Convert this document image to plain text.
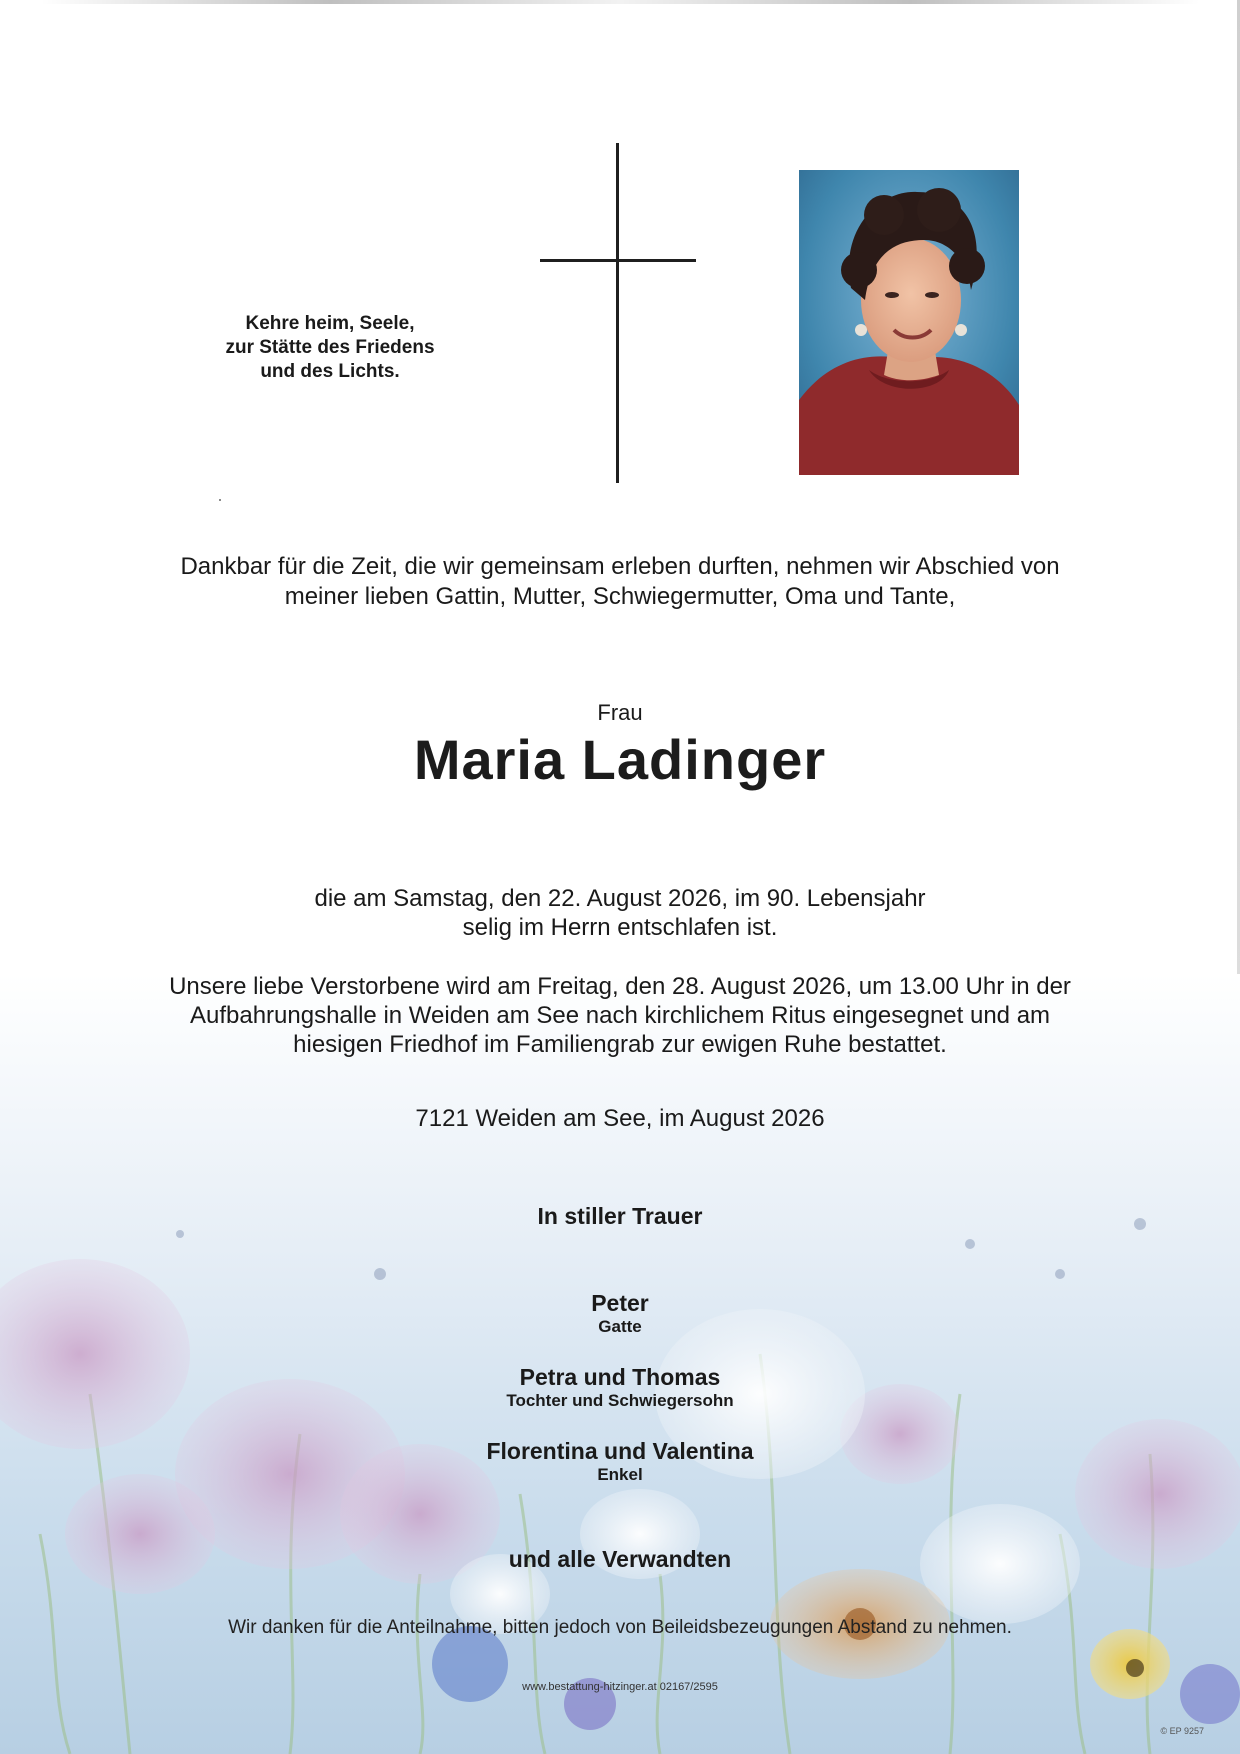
Kehre heim, Seele,
zur Stätte des Friedens
und des Lichts.
Dankbar für die Zeit, die wir gemeinsam erleben durften, nehmen wir Abschied von
meiner lieben Gattin, Mutter, Schwiegermutter, Oma und Tante,
Frau
Maria Ladinger
die am Samstag, den 22. August 2026, im 90. Lebensjahr
selig im Herrn entschlafen ist.
Unsere liebe Verstorbene wird am Freitag, den 28. August 2026, um 13.00 Uhr in der
Aufbahrungshalle in Weiden am See nach kirchlichem Ritus eingesegnet und am
hiesigen Friedhof im Familiengrab zur ewigen Ruhe bestattet.
7121 Weiden am See, im August 2026
In stiller Trauer
Peter
Gatte
Petra und Thomas
Tochter und Schwiegersohn
Florentina und Valentina
Enkel
und alle Verwandten
Wir danken für die Anteilnahme, bitten jedoch von Beileidsbezeugungen Abstand zu nehmen.
www.bestattung-hitzinger.at 02167/2595
© EP 9257
